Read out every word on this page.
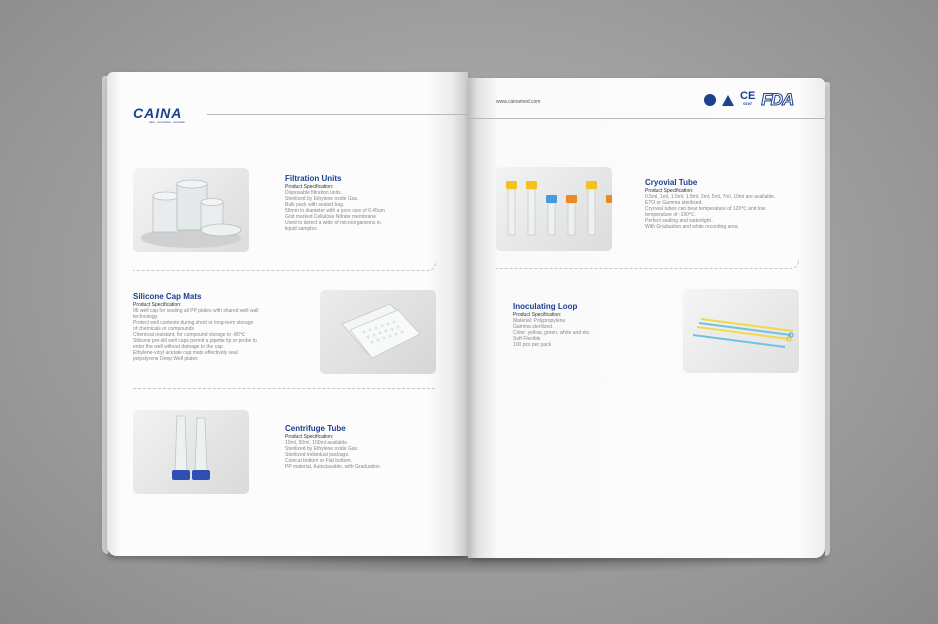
CAINA
care . innovative . accurate
Filtration Units
Product Specification:
Disposable filtration units.
Sterilized by Ethylene oxide Gas.
Bulk pack with sealed bag.
56mm in diameter with a pore size of 0.45um
Grid marked Cellulose Nitrate membrane
Used to detect a wide of microorganisms in
liquid samples.
Silicone Cap Mats
Product Specification:
96 well cap for sealing all PP plates with shared well wall
technology.
Protect well contents during short or long-term storage
of chemicals or compounds
Chemical resistant, for compound storage to -80℃
Silicone pre-slit well caps permit a pipette tip or probe to
enter the well without damage to the cap
Ethylene-vinyl acetate cap mats effectively seal
polystyrene Deep Well plates
Centrifuge Tube
Product Specification:
10ml, 50ml, 100ml available.
Sterilized by Ethylene oxide Gas.
Sterilized individual package.
Conical bottom or Flat bottom.
PP material, Autoclavable, with Graduation.
www.cainamed.com	CE
0197 FDA
Cryovial Tube
Product Specification:
0.5ml, 1ml, 1.5ml, 1.8ml, 2ml, 5ml, 7ml, 10ml are available.
ETO or Gamma sterilized.
Cryovial tubes can bear temperature of 120℃ and low
temperature of -190℃.
Perfect sealing and watertight .
With Graduation and white recording area.
Inoculating Loop
Product Specification:
Material: Polypropylene
Gamma sterilized.
Color: yellow, green, white and etc.
Soft Flexible
100 pcs per pack
